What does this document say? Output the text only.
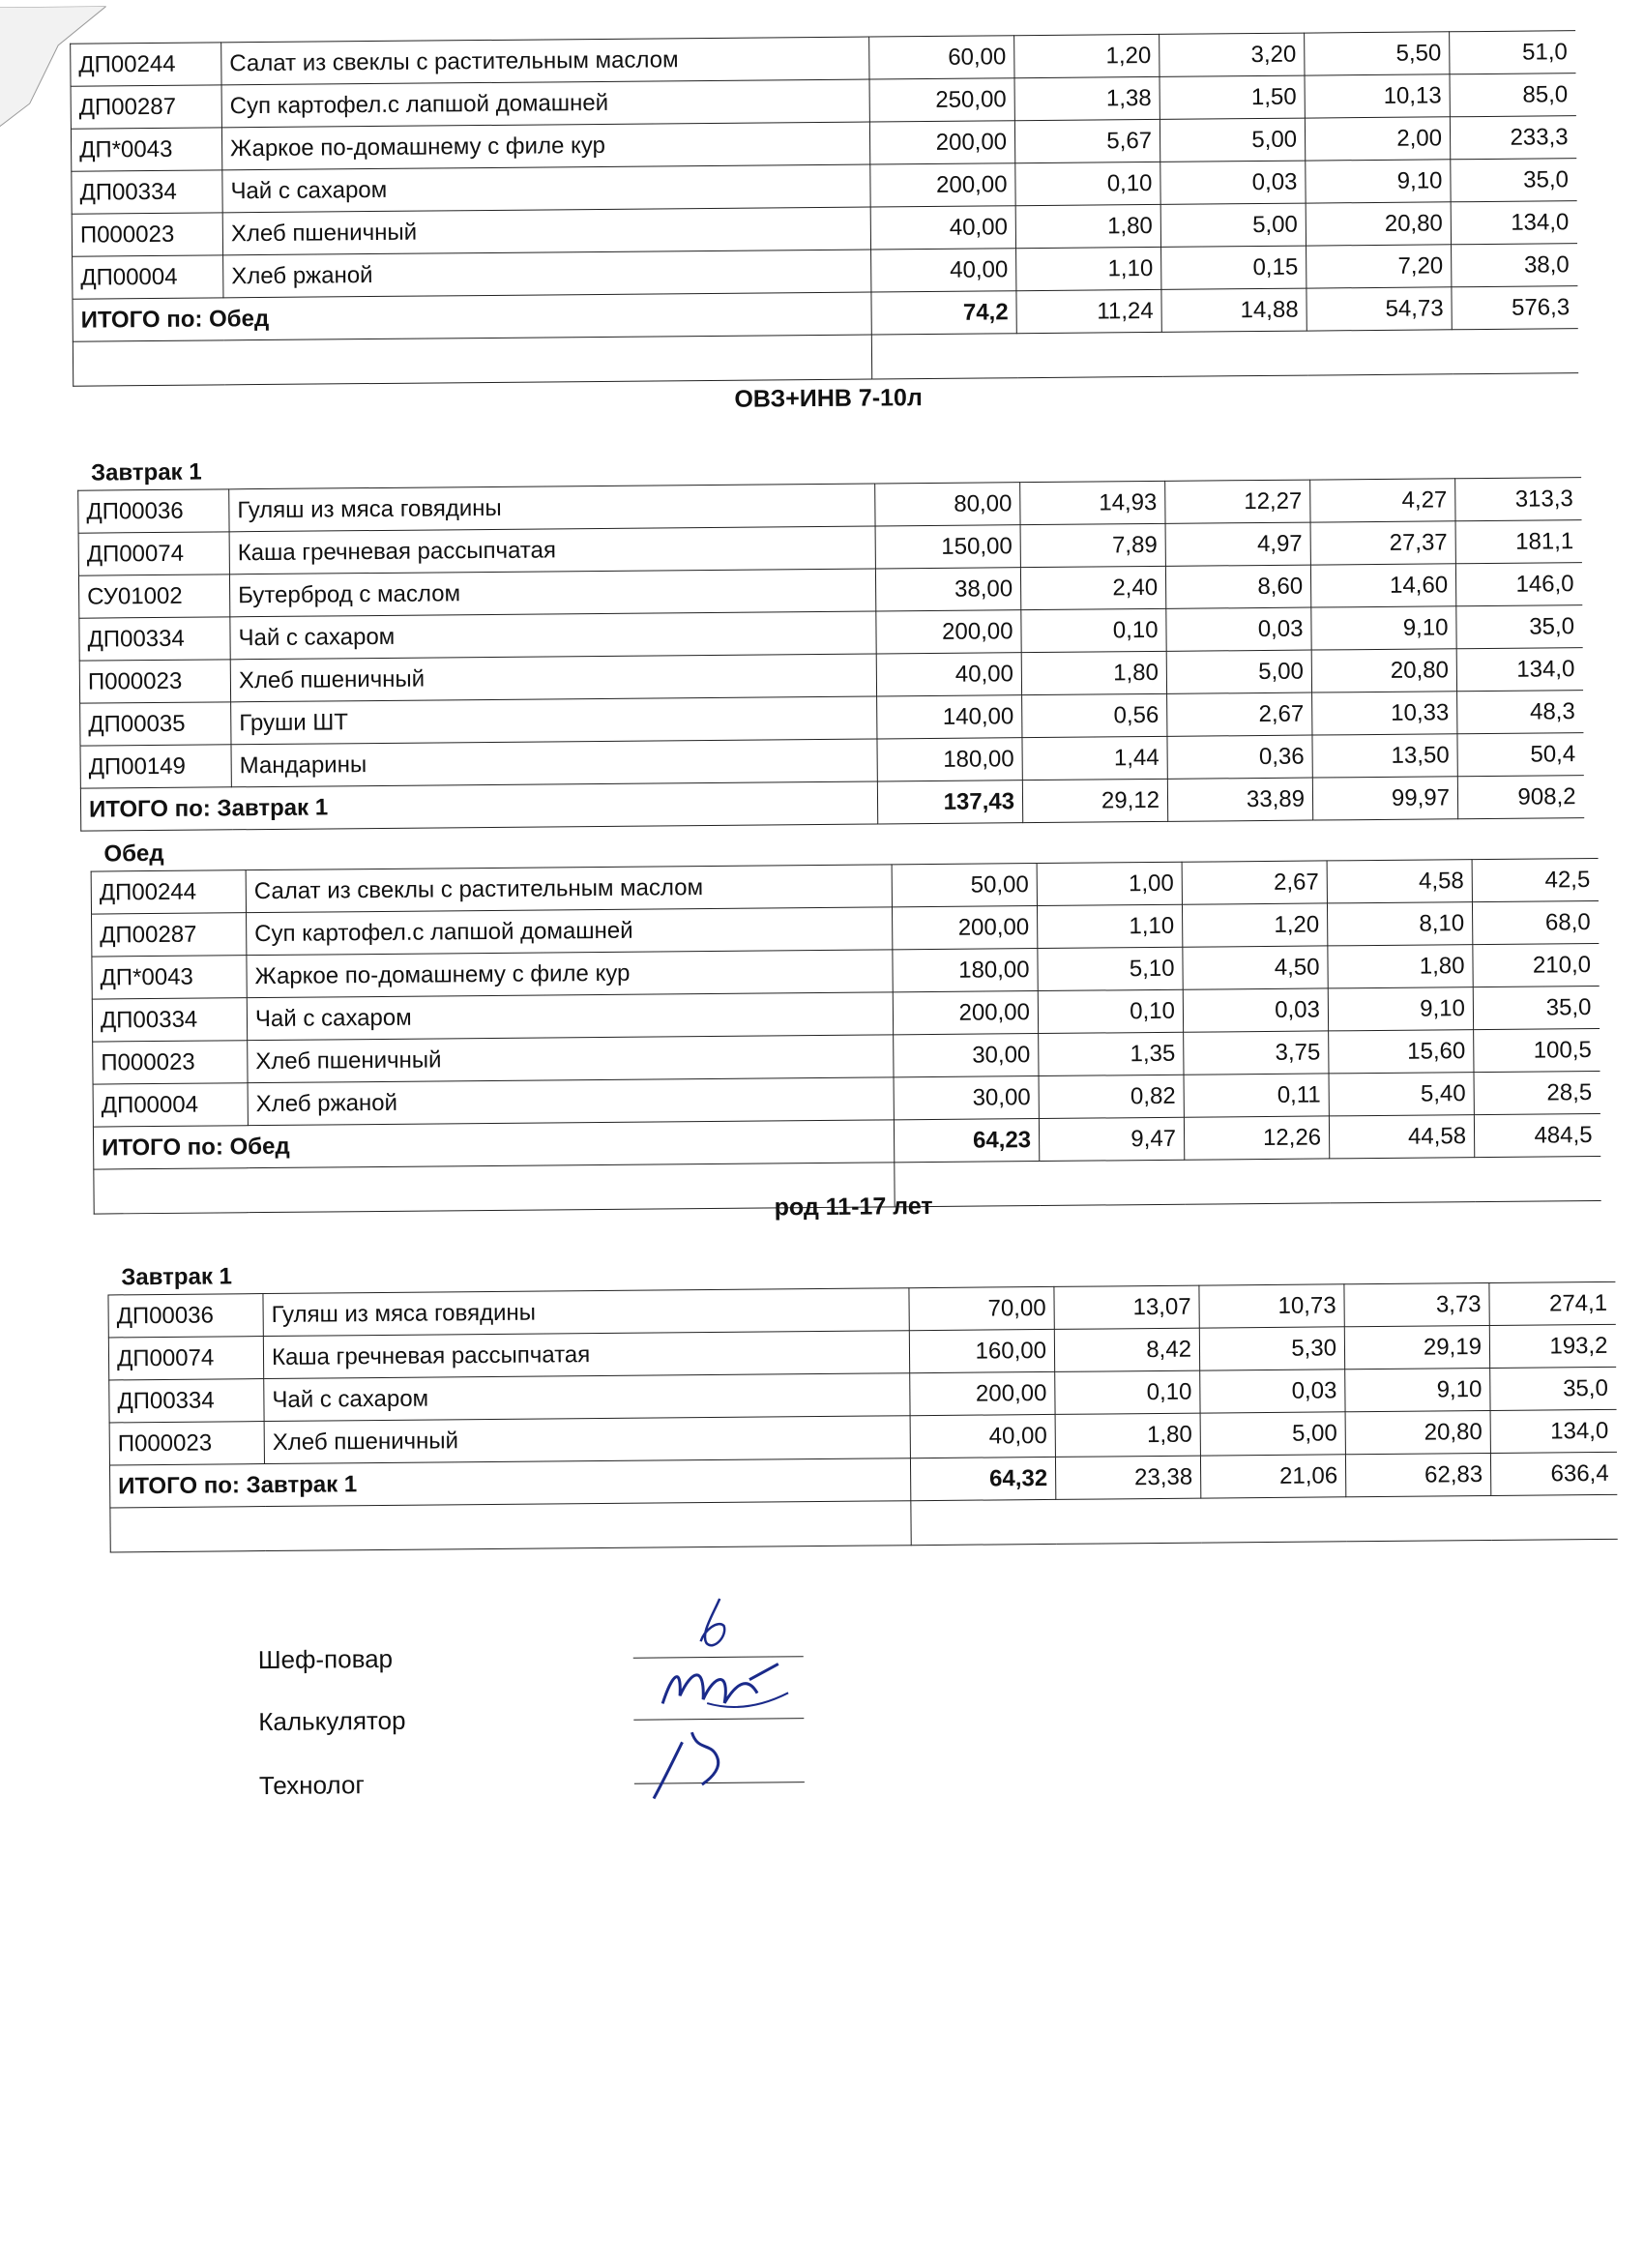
ДП00244	Салат из свеклы с растительным маслом	60,00	1,20	3,20	5,50	51,0
ДП00287	Суп картофел.с лапшой домашней	250,00	1,38	1,50	10,13	85,0
ДП*0043	Жаркое по-домашнему с филе кур	200,00	5,67	5,00	2,00	233,3
ДП00334	Чай с сахаром	200,00	0,10	0,03	9,10	35,0
П000023	Хлеб пшеничный	40,00	1,80	5,00	20,80	134,0
ДП00004	Хлеб ржаной	40,00	1,10	0,15	7,20	38,0
ИТОГО по: Обед		74,2	11,24	14,88	54,73	576,3

ОВЗ+ИНВ 7-10л
Завтрак 1
ДП00036	Гуляш из мяса говядины	80,00	14,93	12,27	4,27	313,3
ДП00074	Каша гречневая рассыпчатая	150,00	7,89	4,97	27,37	181,1
СУ01002	Бутерброд с маслом	38,00	2,40	8,60	14,60	146,0
ДП00334	Чай с сахаром	200,00	0,10	0,03	9,10	35,0
П000023	Хлеб пшеничный	40,00	1,80	5,00	20,80	134,0
ДП00035	Груши ШТ	140,00	0,56	2,67	10,33	48,3
ДП00149	Мандарины	180,00	1,44	0,36	13,50	50,4
ИТОГО по: Завтрак 1		137,43	29,12	33,89	99,97	908,2
Обед
ДП00244	Салат из свеклы с растительным маслом	50,00	1,00	2,67	4,58	42,5
ДП00287	Суп картофел.с лапшой домашней	200,00	1,10	1,20	8,10	68,0
ДП*0043	Жаркое по-домашнему с филе кур	180,00	5,10	4,50	1,80	210,0
ДП00334	Чай с сахаром	200,00	0,10	0,03	9,10	35,0
П000023	Хлеб пшеничный	30,00	1,35	3,75	15,60	100,5
ДП00004	Хлеб ржаной	30,00	0,82	0,11	5,40	28,5
ИТОГО по: Обед		64,23	9,47	12,26	44,58	484,5

род 11-17 лет
Завтрак 1
ДП00036	Гуляш из мяса говядины	70,00	13,07	10,73	3,73	274,1
ДП00074	Каша гречневая рассыпчатая	160,00	8,42	5,30	29,19	193,2
ДП00334	Чай с сахаром	200,00	0,10	0,03	9,10	35,0
П000023	Хлеб пшеничный	40,00	1,80	5,00	20,80	134,0
ИТОГО по: Завтрак 1		64,32	23,38	21,06	62,83	636,4

Шеф-повар
Калькулятор
Технолог
